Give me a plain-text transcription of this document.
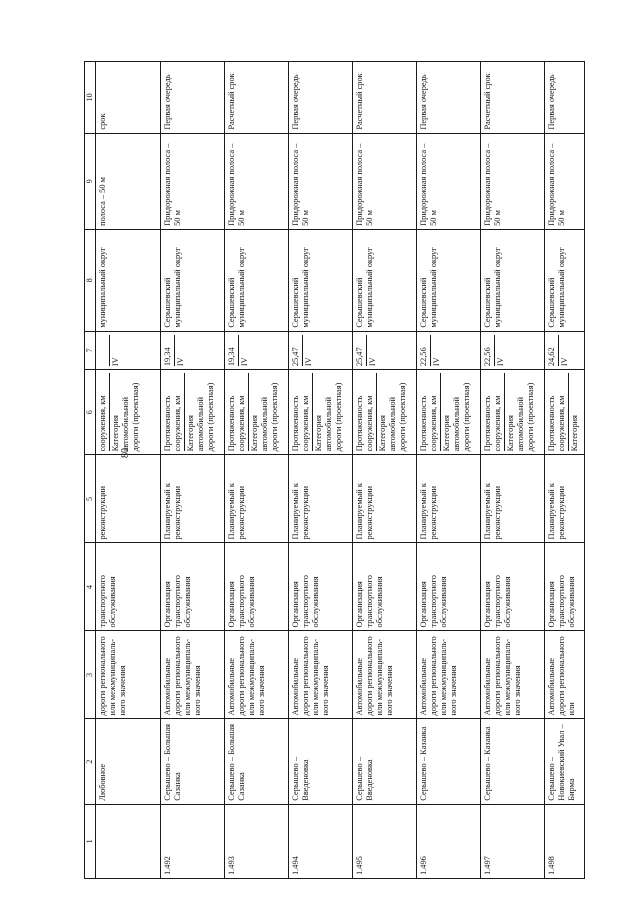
80
1	2	3	4	5	6	7	8	9	10
	Любовное	дороги регионального или межмуниципаль-ного значения	транспортного обслуживания	реконструкции	сооружения, км Категория автомобильной дороги (проектная)	IV	муниципальный округ	полоса – 50 м	срок
1.492	Серышево – Большая Сазанка	Автомобильные дороги регионального или межмуниципаль-ного значения	Организация транспортного обслуживания	Планируемый к реконструкции	Протяженность сооружения, км Категория автомобильной дороги (проектная)	19,34 IV	Серышевский муниципальный округ	Придорожная полоса – 50 м	Первая очередь
1.493	Серышево – Большая Сазанка	Автомобильные дороги регионального или межмуниципаль-ного значения	Организация транспортного обслуживания	Планируемый к реконструкции	Протяженность сооружения, км Категория автомобильной дороги (проектная)	19,34 IV	Серышевский муниципальный округ	Придорожная полоса – 50 м	Расчетный срок
1.494	Серышево – Введеновка	Автомобильные дороги регионального или межмуниципаль-ного значения	Организация транспортного обслуживания	Планируемый к реконструкции	Протяженность сооружения, км Категория автомобильной дороги (проектная)	25,47 IV	Серышевский муниципальный округ	Придорожная полоса – 50 м	Первая очередь
1.495	Серышево – Введеновка	Автомобильные дороги регионального или межмуниципаль-ного значения	Организация транспортного обслуживания	Планируемый к реконструкции	Протяженность сооружения, км Категория автомобильной дороги (проектная)	25,47 IV	Серышевский муниципальный округ	Придорожная полоса – 50 м	Расчетный срок
1.496	Серышево – Казанка	Автомобильные дороги регионального или межмуниципаль-ного значения	Организация транспортного обслуживания	Планируемый к реконструкции	Протяженность сооружения, км Категория автомобильной дороги (проектная)	22,56 IV	Серышевский муниципальный округ	Придорожная полоса – 50 м	Первая очередь
1.497	Серышево – Казанка	Автомобильные дороги регионального или межмуниципаль-ного значения	Организация транспортного обслуживания	Планируемый к реконструкции	Протяженность сооружения, км Категория автомобильной дороги (проектная)	22,56 IV	Серышевский муниципальный округ	Придорожная полоса – 50 м	Расчетный срок
1.498	Серышево – Новокиевский Увал – Бирма	Автомобильные дороги регионального или	Организация транспортного обслуживания	Планируемый к реконструкции	Протяженность сооружения, км Категория	24,62 IV	Серышевский муниципальный округ	Придорожная полоса – 50 м	Первая очередь
